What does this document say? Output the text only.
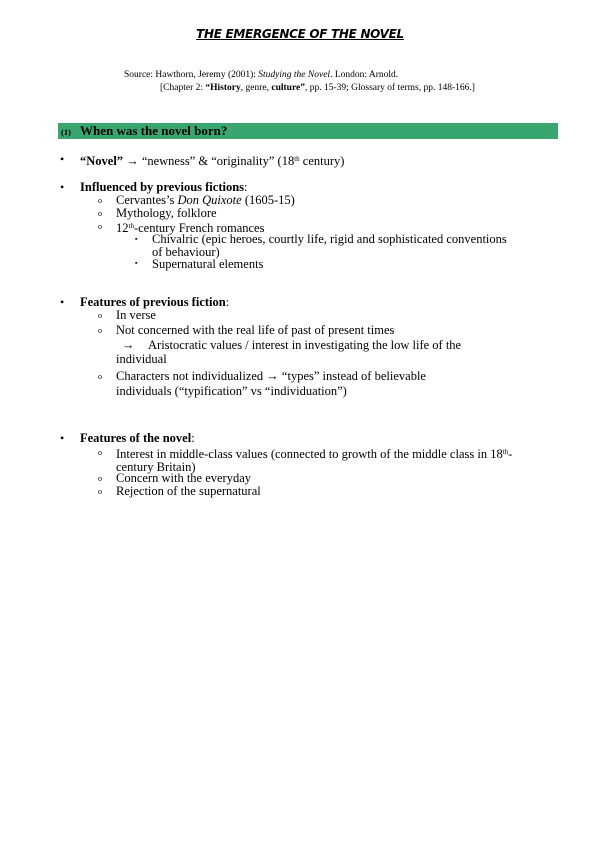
THE EMERGENCE OF THE NOVEL
Source: Hawthorn, Jeremy (2001): Studying the Novel. London: Arnold.
[Chapter 2: “History, genre, culture”, pp. 15-39; Glossary of terms, pp. 148-166.]
(1) When was the novel born?
• “Novel” → “newness” & “originality” (18th century)
• Influenced by previous fictions:
o Cervantes’s Don Quixote (1605-15)
o Mythology, folklore
o 12th-century French romances
▪ Chivalric (epic heroes, courtly life, rigid and sophisticated conventions
of behaviour)
▪ Supernatural elements
• Features of previous fiction:
o In verse
o Not concerned with the real life of past of present times
→ Aristocratic values / interest in investigating the low life of the
individual
o Characters not individualized → “types” instead of believable
individuals (“typification” vs “individuation”)
• Features of the novel:
o Interest in middle-class values (connected to growth of the middle class in 18th-
century Britain)
o Concern with the everyday
o Rejection of the supernatural
